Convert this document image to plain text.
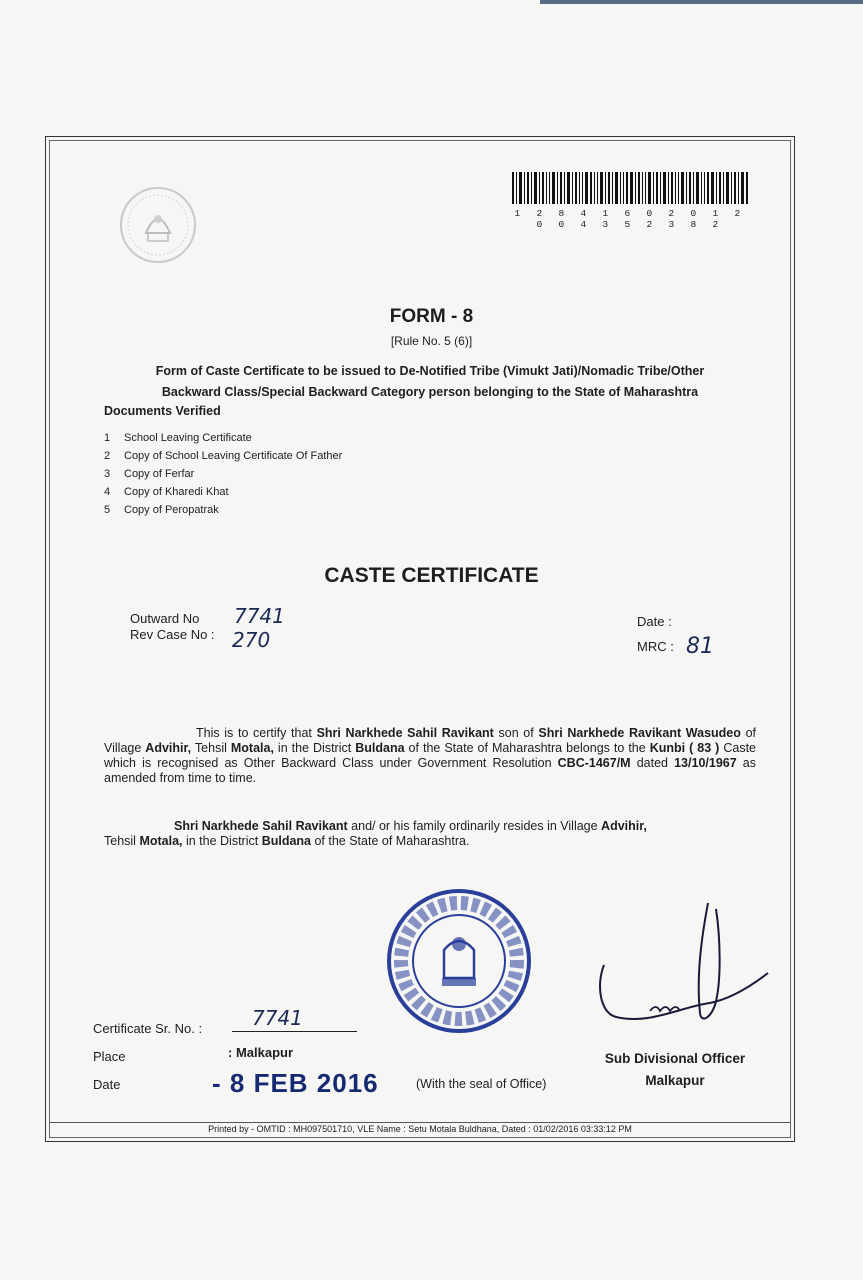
1 2 8 4 1 6 0 2 0 1 2 0 0 4 3 5 2 3 8 2
FORM - 8
[Rule No. 5 (6)]
Form of Caste Certificate to be issued to De-Notified Tribe (Vimukt Jati)/Nomadic Tribe/Other
Backward Class/Special Backward Category person belonging to the State of Maharashtra
Documents Verified
1 School Leaving Certificate
2 Copy of School Leaving Certificate Of Father
3 Copy of Ferfar
4 Copy of Kharedi Khat
5 Copy of Peropatrak
CASTE CERTIFICATE
Outward No 7741
Rev Case No : 270
Date :
MRC : 81
This is to certify that Shri Narkhede Sahil Ravikant son of Shri Narkhede Ravikant Wasudeo of Village Advihir, Tehsil Motala, in the District Buldana of the State of Maharashtra belongs to the Kunbi ( 83 ) Caste which is recognised as Other Backward Class under Government Resolution CBC-1467/M dated 13/10/1967 as amended from time to time.
Shri Narkhede Sahil Ravikant and/ or his family ordinarily resides in Village Advihir,
Tehsil Motala, in the District Buldana of the State of Maharashtra.
Certificate Sr. No. : 7741
Place	: Malkapur
Date	- 8 FEB 2016	(With the seal of Office)
Sub Divisional Officer
Malkapur
Printed by - OMTID : MH097501710, VLE Name : Setu Motala Buldhana, Dated : 01/02/2016 03:33:12 PM
